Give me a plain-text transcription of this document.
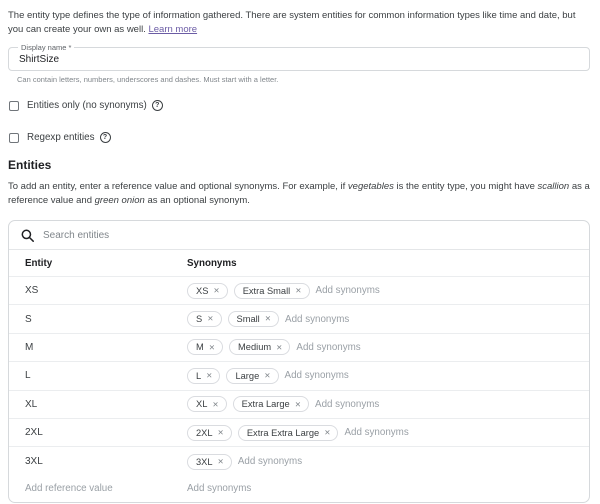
The entity type defines the type of information gathered. There are system entities for common information types like time and date, but you can create your own as well. Learn more

Display name *
ShirtSize
Can contain letters, numbers, underscores and dashes. Must start with a letter.
Entities only (no synonyms)	?
Regexp entities	?
Entities

To add an entity, enter a reference value and optional synonyms. For example, if vegetables is the entity type, you might have scallion as a reference value and green onion as an optional synonym.

Search entities
Entity	Synonyms
XS	XS ✕ Extra Small ✕ Add synonyms
S	S ✕ Small ✕ Add synonyms
M	M ✕ Medium ✕ Add synonyms
L	L ✕ Large ✕ Add synonyms
XL	XL ✕ Extra Large ✕ Add synonyms
2XL	2XL ✕ Extra Extra Large ✕ Add synonyms
3XL	3XL ✕ Add synonyms
Add reference value	Add synonyms
